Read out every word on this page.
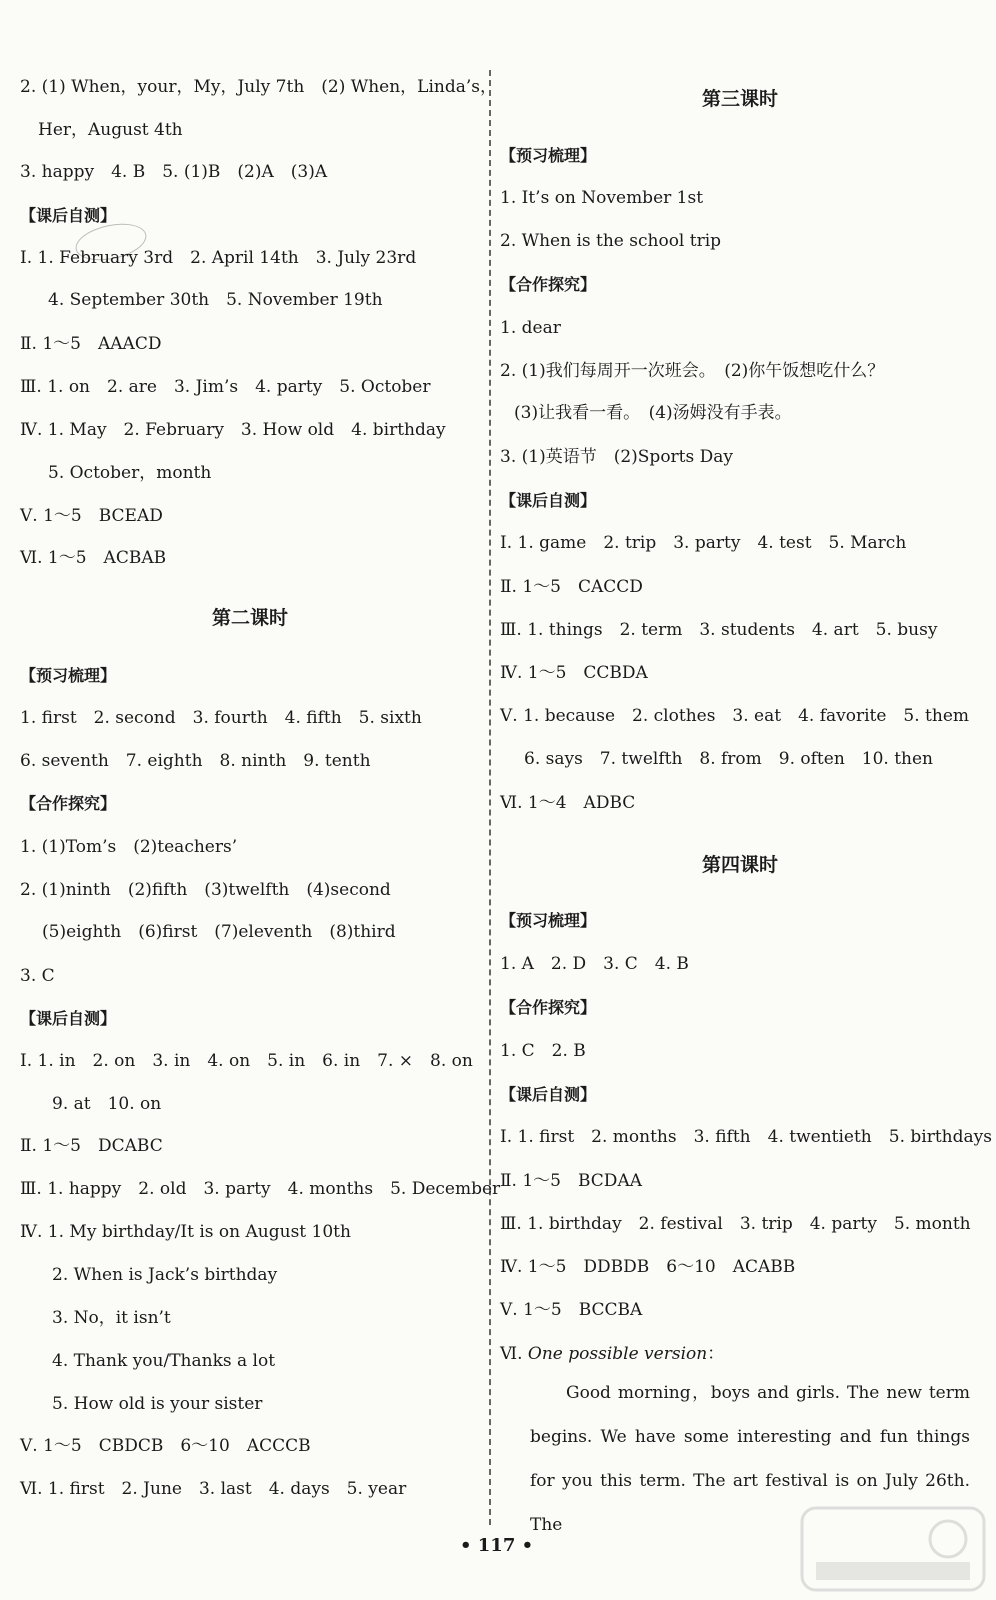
2. (1) When，your，My，July 7th　(2) When，Linda’s，
Her，August 4th
3. happy　4. B　5. (1)B　(2)A　(3)A
【课后自测】
Ⅰ. 1. February 3rd　2. April 14th　3. July 23rd
4. September 30th　5. November 19th
Ⅱ. 1～5　AAACD
Ⅲ. 1. on　2. are　3. Jim’s　4. party　5. October
Ⅳ. 1. May　2. February　3. How old　4. birthday
5. October，month
Ⅴ. 1～5　BCEAD
Ⅵ. 1～5　ACBAB
第二课时
【预习梳理】
1. first　2. second　3. fourth　4. fifth　5. sixth
6. seventh　7. eighth　8. ninth　9. tenth
【合作探究】
1. (1)Tom’s　(2)teachers’
2. (1)ninth　(2)fifth　(3)twelfth　(4)second
(5)eighth　(6)first　(7)eleventh　(8)third
3. C
【课后自测】
Ⅰ. 1. in　2. on　3. in　4. on　5. in　6. in　7. ×　8. on
9. at　10. on
Ⅱ. 1～5　DCABC
Ⅲ. 1. happy　2. old　3. party　4. months　5. December
Ⅳ. 1. My birthday/It is on August 10th
2. When is Jack’s birthday
3. No，it isn’t
4. Thank you/Thanks a lot
5. How old is your sister
Ⅴ. 1～5　CBDCB　6～10　ACCCB
Ⅵ. 1. first　2. June　3. last　4. days　5. year
第三课时
【预习梳理】
1. It’s on November 1st
2. When is the school trip
【合作探究】
1. dear
2. (1)我们每周开一次班会。　(2)你午饭想吃什么？
(3)让我看一看。　(4)汤姆没有手表。
3. (1)英语节　(2)Sports Day
【课后自测】
Ⅰ. 1. game　2. trip　3. party　4. test　5. March
Ⅱ. 1～5　CACCD
Ⅲ. 1. things　2. term　3. students　4. art　5. busy
Ⅳ. 1～5　CCBDA
Ⅴ. 1. because　2. clothes　3. eat　4. favorite　5. them
6. says　7. twelfth　8. from　9. often　10. then
Ⅵ. 1～4　ADBC
第四课时
【预习梳理】
1. A　2. D　3. C　4. B
【合作探究】
1. C　2. B
【课后自测】
Ⅰ. 1. first　2. months　3. fifth　4. twentieth　5. birthdays
Ⅱ. 1～5　BCDAA
Ⅲ. 1. birthday　2. festival　3. trip　4. party　5. month
Ⅳ. 1～5　DDBDB　6～10　ACABB
Ⅴ. 1～5　BCCBA
Ⅵ. One possible version：
Good morning，boys and girls. The new term begins. We have some interesting and fun things for you this term. The art festival is on July 26th. The
• 117 •
